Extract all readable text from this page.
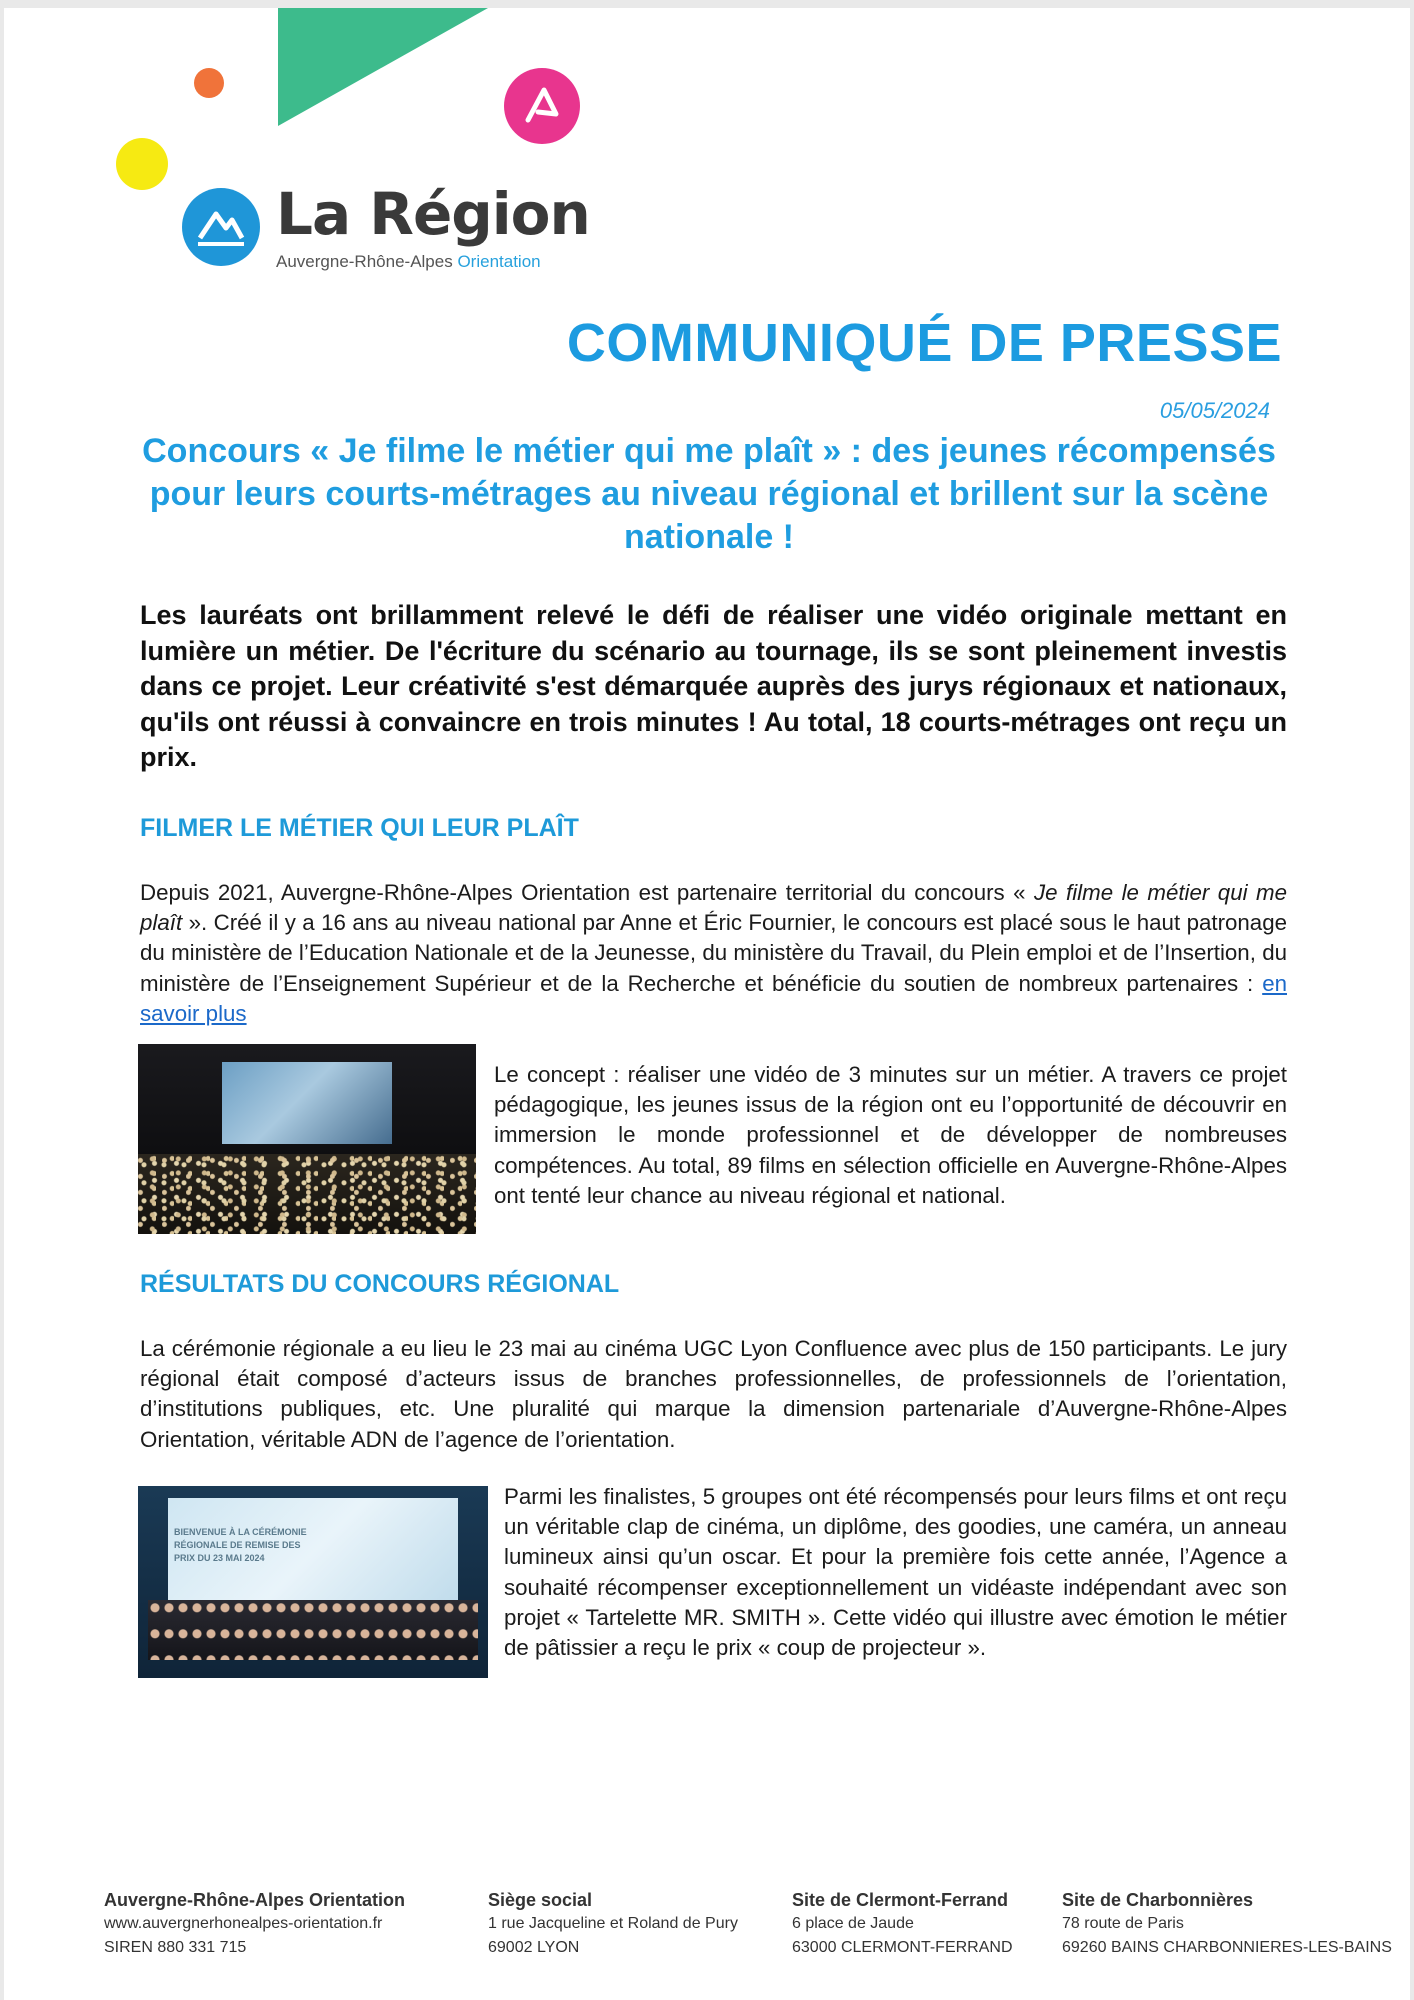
La Région
Auvergne-Rhône-Alpes Orientation
COMMUNIQUÉ DE PRESSE
05/05/2024
Concours « Je filme le métier qui me plaît » : des jeunes récompensés pour leurs courts-métrages au niveau régional et brillent sur la scène nationale !
Les lauréats ont brillamment relevé le défi de réaliser une vidéo originale mettant en lumière un métier. De l'écriture du scénario au tournage, ils se sont pleinement investis dans ce projet. Leur créativité s'est démarquée auprès des jurys régionaux et nationaux, qu'ils ont réussi à convaincre en trois minutes ! Au total, 18 courts-métrages ont reçu un prix.
FILMER LE MÉTIER QUI LEUR PLAÎT
Depuis 2021, Auvergne-Rhône-Alpes Orientation est partenaire territorial du concours « Je filme le métier qui me plaît ». Créé il y a 16 ans au niveau national par Anne et Éric Fournier, le concours est placé sous le haut patronage du ministère de l’Education Nationale et de la Jeunesse, du ministère du Travail, du Plein emploi et de l’Insertion, du ministère de l’Enseignement Supérieur et de la Recherche et bénéficie du soutien de nombreux partenaires : en savoir plus
Le concept : réaliser une vidéo de 3 minutes sur un métier. A travers ce projet pédagogique, les jeunes issus de la région ont eu l’opportunité de découvrir en immersion le monde professionnel et de développer de nombreuses compétences. Au total, 89 films en sélection officielle en Auvergne-Rhône-Alpes ont tenté leur chance au niveau régional et national.
RÉSULTATS DU CONCOURS RÉGIONAL
La cérémonie régionale a eu lieu le 23 mai au cinéma UGC Lyon Confluence avec plus de 150 participants. Le jury régional était composé d’acteurs issus de branches professionnelles, de professionnels de l’orientation, d’institutions publiques, etc. Une pluralité qui marque la dimension partenariale d’Auvergne-Rhône-Alpes Orientation, véritable ADN de l’agence de l’orientation.
BIENVENUE À LA CÉRÉMONIE RÉGIONALE DE REMISE DES PRIX DU 23 MAI 2024
Parmi les finalistes, 5 groupes ont été récompensés pour leurs films et ont reçu un véritable clap de cinéma, un diplôme, des goodies, une caméra, un anneau lumineux ainsi qu’un oscar. Et pour la première fois cette année, l’Agence a souhaité récompenser exceptionnellement un vidéaste indépendant avec son projet « Tartelette MR. SMITH ». Cette vidéo qui illustre avec émotion le métier de pâtissier a reçu le prix « coup de projecteur ».
Auvergne-Rhône-Alpes Orientation
www.auvergnerhonealpes-orientation.fr
SIREN 880 331 715
Siège social
1 rue Jacqueline et Roland de Pury
69002 LYON
Site de Clermont-Ferrand
6 place de Jaude
63000 CLERMONT-FERRAND
Site de Charbonnières
78 route de Paris
69260 BAINS CHARBONNIERES-LES-BAINS
